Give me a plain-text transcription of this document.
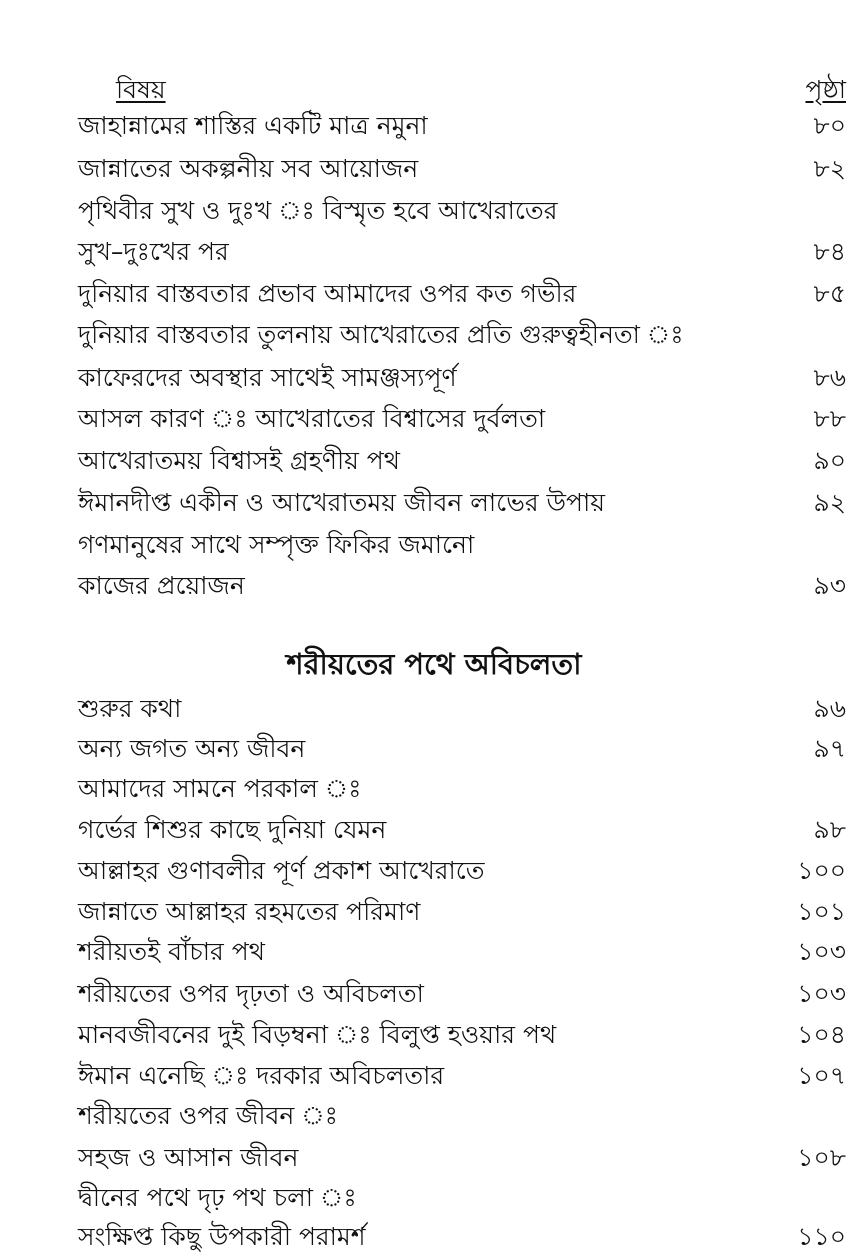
বিষয়	পৃষ্ঠা
জাহান্নামের শাস্তির একটি মাত্র নমুনা	৮০
জান্নাতের অকল্পনীয় সব আয়োজন	৮২
পৃথিবীর সুখ ও দুঃখ ঃ বিস্মৃত হবে আখেরাতের
সুখ–দুঃখের পর	৮৪
দুনিয়ার বাস্তবতার প্রভাব আমাদের ওপর কত গভীর	৮৫
দুনিয়ার বাস্তবতার তুলনায় আখেরাতের প্রতি গুরুত্বহীনতা ঃ
কাফেরদের অবস্থার সাথেই সামঞ্জস্যপূর্ণ	৮৬
আসল কারণ ঃ আখেরাতের বিশ্বাসের দুর্বলতা	৮৮
আখেরাতময় বিশ্বাসই গ্রহণীয় পথ	৯০
ঈমানদীপ্ত একীন ও আখেরাতময় জীবন লাভের উপায়	৯২
গণমানুষের সাথে সম্পৃক্ত ফিকির জমানো
কাজের প্রয়োজন	৯৩
শরীয়তের পথে অবিচলতা
শুরুর কথা	৯৬
অন্য জগত অন্য জীবন	৯৭
আমাদের সামনে পরকাল ঃ
গর্ভের শিশুর কাছে দুনিয়া যেমন	৯৮
আল্লাহর গুণাবলীর পূর্ণ প্রকাশ আখেরাতে	১০০
জান্নাতে আল্লাহর রহমতের পরিমাণ	১০১
শরীয়তই বাঁচার পথ	১০৩
শরীয়তের ওপর দৃঢ়তা ও অবিচলতা	১০৩
মানবজীবনের দুই বিড়ম্বনা ঃ বিলুপ্ত হওয়ার পথ	১০৪
ঈমান এনেছি ঃ দরকার অবিচলতার	১০৭
শরীয়তের ওপর জীবন ঃ
সহজ ও আসান জীবন	১০৮
দ্বীনের পথে দৃঢ় পথ চলা ঃ
সংক্ষিপ্ত কিছু উপকারী পরামর্শ	১১০
